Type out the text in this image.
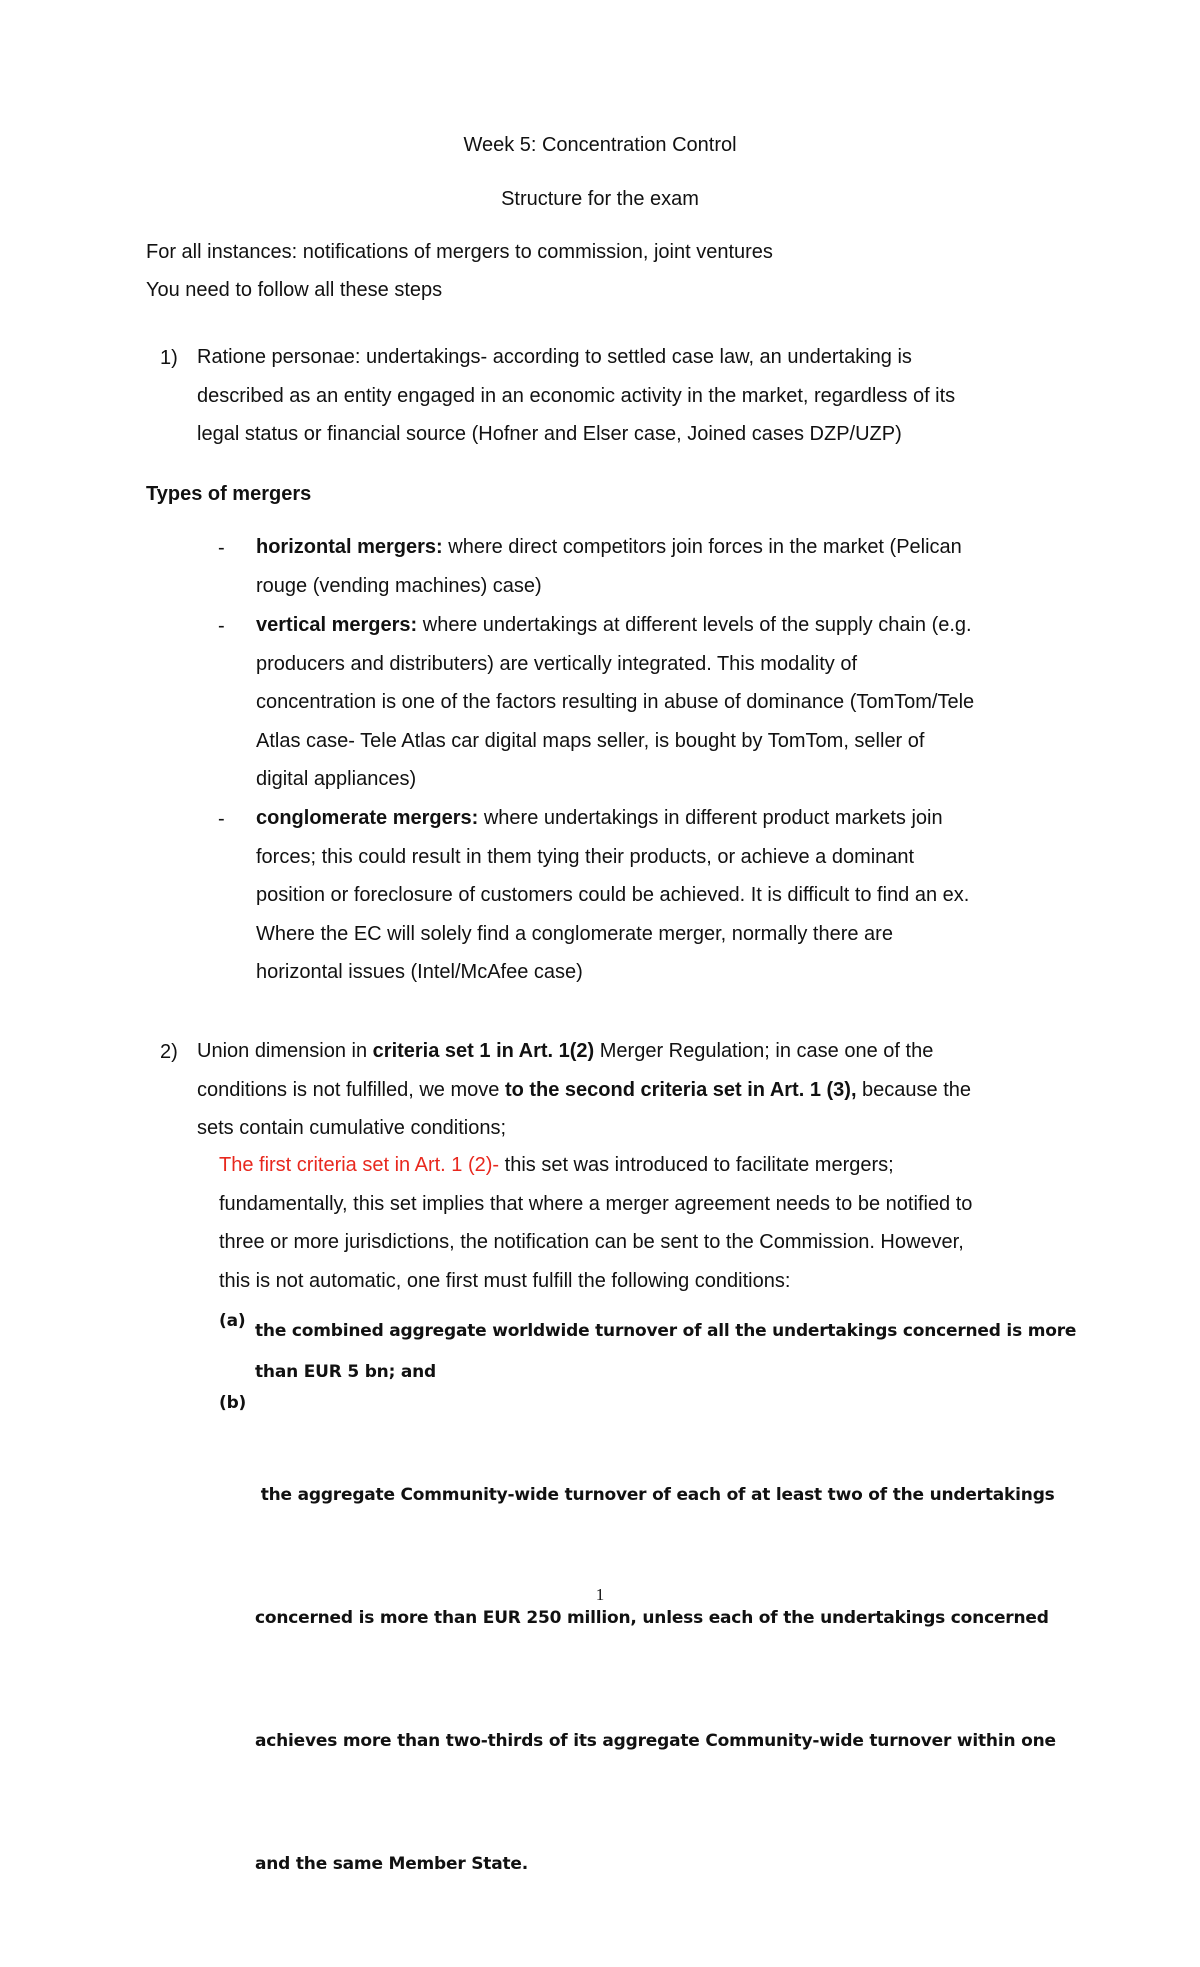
Week 5: Concentration Control
Structure for the exam
For all instances: notifications of mergers to commission, joint ventures
You need to follow all these steps
1) Ratione personae: undertakings- according to settled case law, an undertaking is
described as an entity engaged in an economic activity in the market, regardless of its
legal status or financial source (Hofner and Elser case, Joined cases DZP/UZP)
Types of mergers
- horizontal mergers: where direct competitors join forces in the market (Pelican
rouge (vending machines) case)
- vertical mergers: where undertakings at different levels of the supply chain (e.g.
producers and distributers) are vertically integrated. This modality of
concentration is one of the factors resulting in abuse of dominance (TomTom/Tele
Atlas case- Tele Atlas car digital maps seller, is bought by TomTom, seller of
digital appliances)
- conglomerate mergers: where undertakings in different product markets join
forces; this could result in them tying their products, or achieve a dominant
position or foreclosure of customers could be achieved. It is difficult to find an ex.
Where the EC will solely find a conglomerate merger, normally there are
horizontal issues (Intel/McAfee case)
2) Union dimension in criteria set 1 in Art. 1(2) Merger Regulation; in case one of the
conditions is not fulfilled, we move to the second criteria set in Art. 1 (3), because the
sets contain cumulative conditions;
The first criteria set in Art. 1 (2)- this set was introduced to facilitate mergers;
fundamentally, this set implies that where a merger agreement needs to be notified to
three or more jurisdictions, the notification can be sent to the Commission. However,
this is not automatic, one first must fulfill the following conditions:
(a) the combined aggregate worldwide turnover of all the undertakings concerned is more
than EUR 5 bn; and
(b)

the aggregate Community-wide turnover of each of at least two of the undertakings

concerned is more than EUR 250 million, unless each of the undertakings concerned

achieves more than two-thirds of its aggregate Community-wide turnover within one

and the same Member State.

1
